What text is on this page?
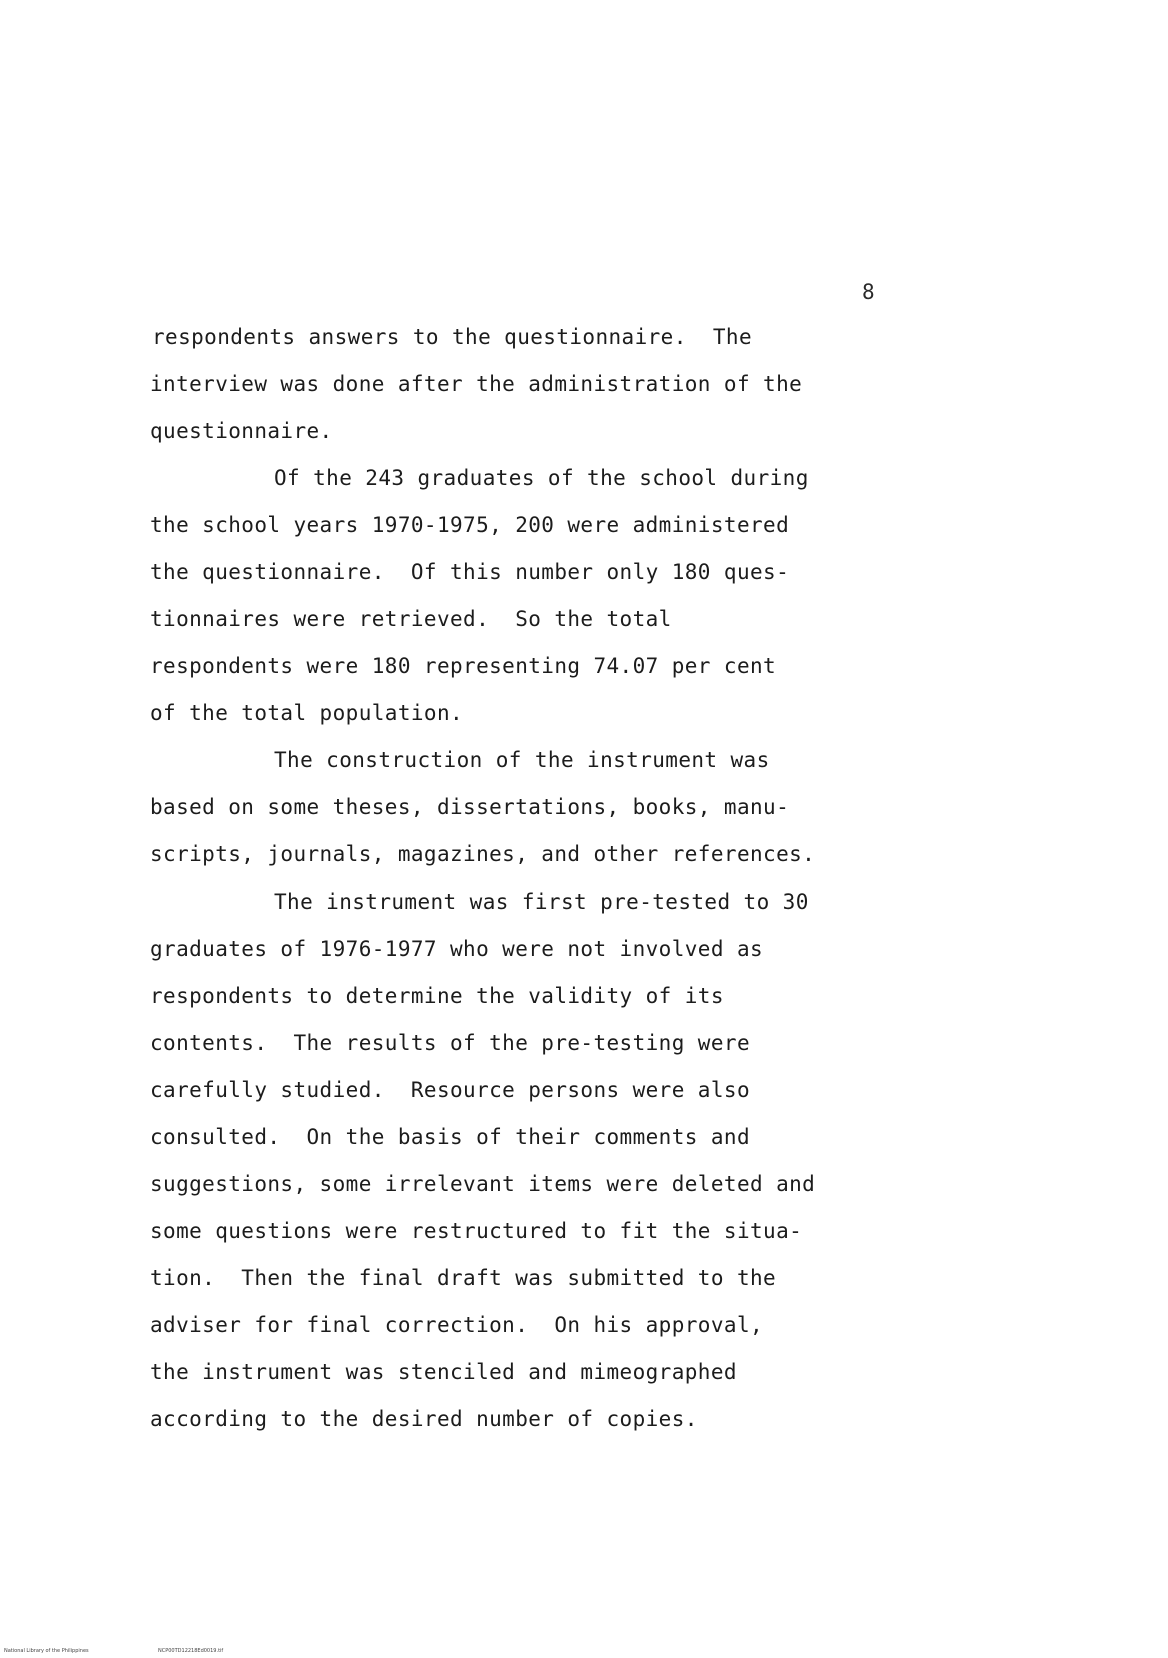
8
respondents answers to the questionnaire.  The
interview was done after the administration of the
questionnaire.
Of the 243 graduates of the school during
the school years 1970-1975, 200 were administered
the questionnaire.  Of this number only 180 ques-
tionnaires were retrieved.  So the total
respondents were 180 representing 74.07 per cent
of the total population.
The construction of the instrument was
based on some theses, dissertations, books, manu-
scripts, journals, magazines, and other references.
The instrument was first pre-tested to 30
graduates of 1976-1977 who were not involved as
respondents to determine the validity of its
contents.  The results of the pre-testing were
carefully studied.  Resource persons were also
consulted.  On the basis of their comments and
suggestions, some irrelevant items were deleted and
some questions were restructured to fit the situa-
tion.  Then the final draft was submitted to the
adviser for final correction.  On his approval,
the instrument was stenciled and mimeographed
according to the desired number of copies.
National Library of the Philippines	NCP00TD12218Ed0019.tif
